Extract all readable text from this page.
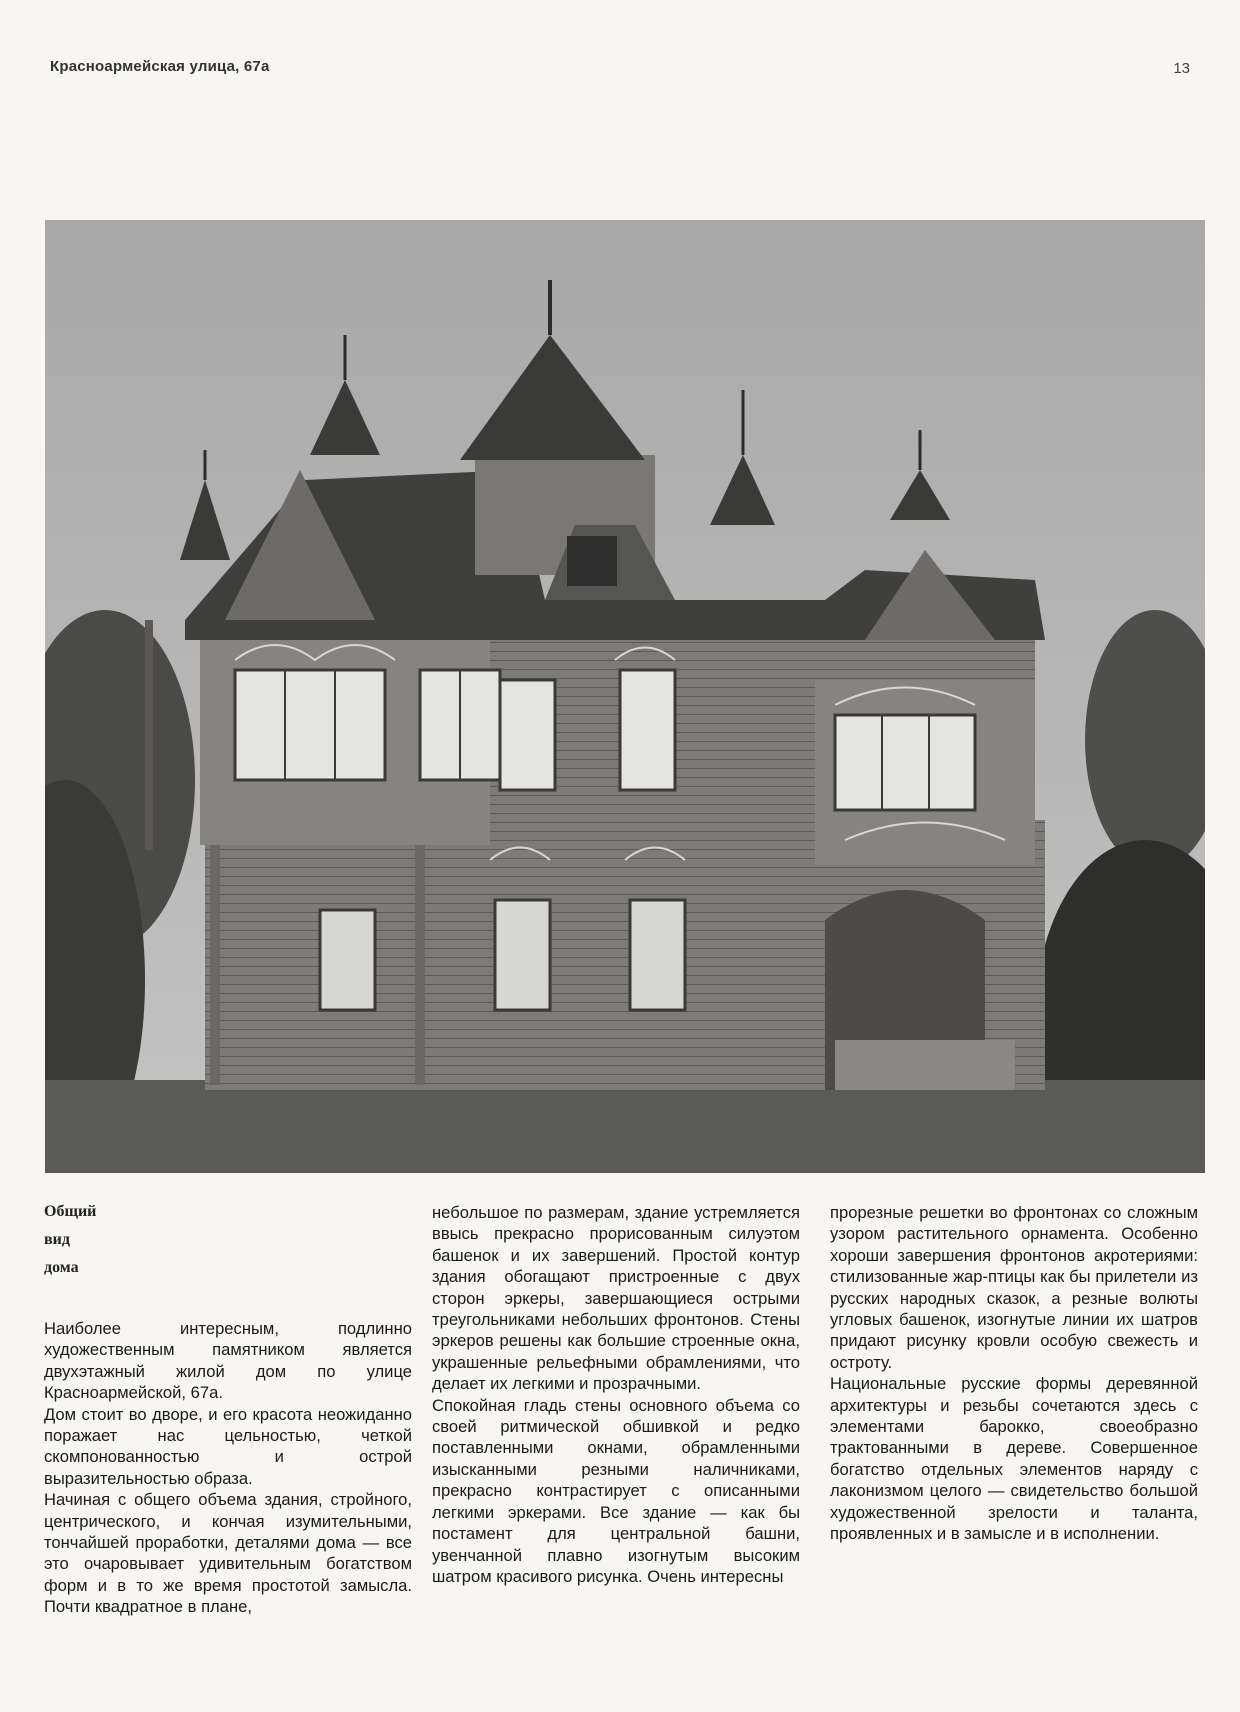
Красноармейская улица, 67а	13
Общий
вид
дома

Наиболее интересным, подлинно художественным памятником является двухэтажный жилой дом по улице Красноармейской, 67а.

Дом стоит во дворе, и его красота неожиданно поражает нас цельностью, четкой скомпонованностью и острой выразительностью образа.

Начиная с общего объема здания, стройного, центрического, и кончая изумительными, тончайшей проработки, деталями дома — все это очаровывает удивительным богатством форм и в то же время простотой замысла. Почти квадратное в плане,

небольшое по размерам, здание устремляется ввысь прекрасно прорисованным силуэтом башенок и их завершений. Простой контур здания обогащают пристроенные с двух сторон эркеры, завершающиеся острыми треугольниками небольших фронтонов. Стены эркеров решены как большие строенные окна, украшенные рельефными обрамлениями, что делает их легкими и прозрачными.

Спокойная гладь стены основного объема со своей ритмической обшивкой и редко поставленными окнами, обрамленными изысканными резными наличниками, прекрасно контрастирует с описанными легкими эркерами. Все здание — как бы постамент для центральной башни, увенчанной плавно изогнутым высоким шатром красивого рисунка. Очень интересны

прорезные решетки во фронтонах со сложным узором растительного орнамента. Особенно хороши завершения фронтонов акротериями: стилизованные жар-птицы как бы прилетели из русских народных сказок, а резные волюты угловых башенок, изогнутые линии их шатров придают рисунку кровли особую свежесть и остроту.

Национальные русские формы деревянной архитектуры и резьбы сочетаются здесь с элементами барокко, своеобразно трактованными в дереве. Совершенное богатство отдельных элементов наряду с лаконизмом целого — свидетельство большой художественной зрелости и таланта, проявленных и в замысле и в исполнении.
